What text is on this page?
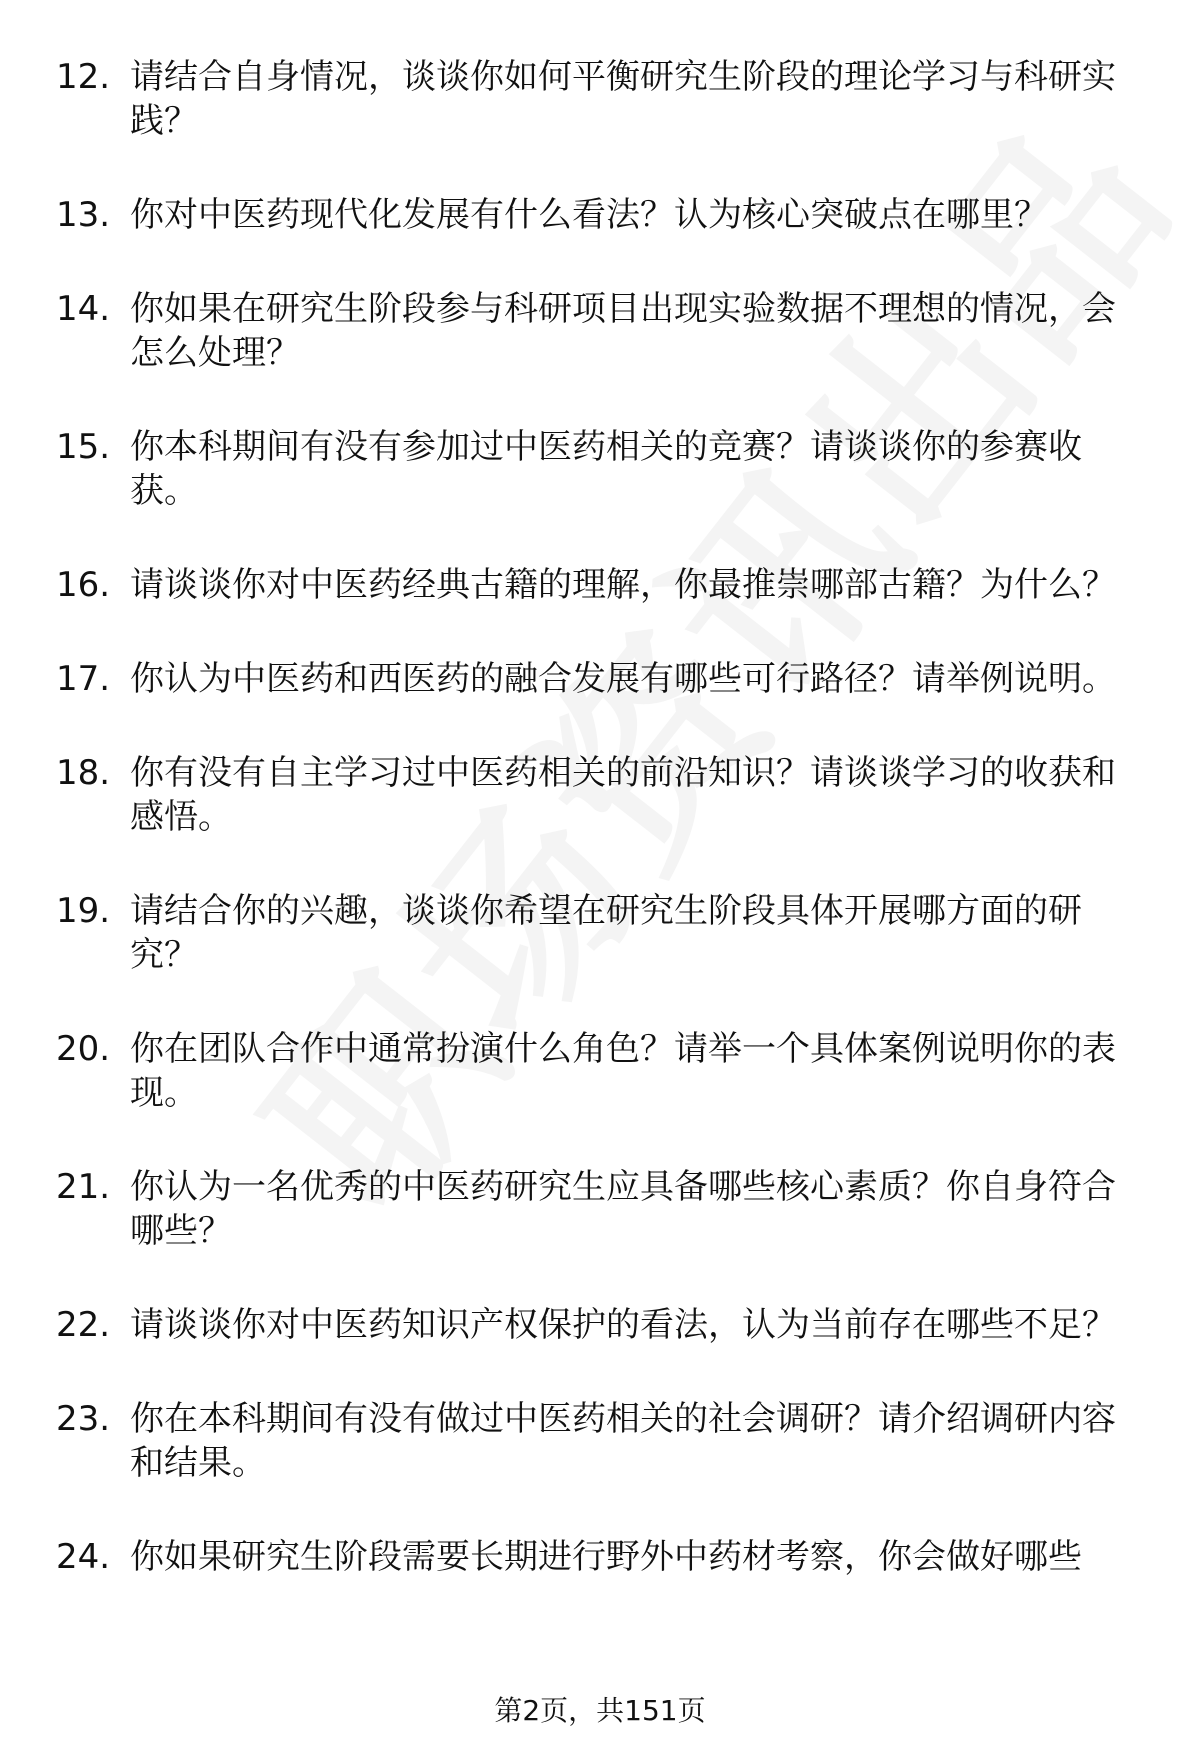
12. 请结合自身情况，谈谈你如何平衡研究生阶段的理论学习与科研实践？
13. 你对中医药现代化发展有什么看法？认为核心突破点在哪里？
14. 你如果在研究生阶段参与科研项目出现实验数据不理想的情况，会怎么处理？
15. 你本科期间有没有参加过中医药相关的竞赛？请谈谈你的参赛收获。
16. 请谈谈你对中医药经典古籍的理解，你最推崇哪部古籍？为什么？
17. 你认为中医药和西医药的融合发展有哪些可行路径？请举例说明。
18. 你有没有自主学习过中医药相关的前沿知识？请谈谈学习的收获和感悟。
19. 请结合你的兴趣，谈谈你希望在研究生阶段具体开展哪方面的研究？
20. 你在团队合作中通常扮演什么角色？请举一个具体案例说明你的表现。
21. 你认为一名优秀的中医药研究生应具备哪些核心素质？你自身符合哪些？
22. 请谈谈你对中医药知识产权保护的看法，认为当前存在哪些不足？
23. 你在本科期间有没有做过中医药相关的社会调研？请介绍调研内容和结果。
24. 你如果研究生阶段需要长期进行野外中药材考察，你会做好哪些
第2页，共151页
